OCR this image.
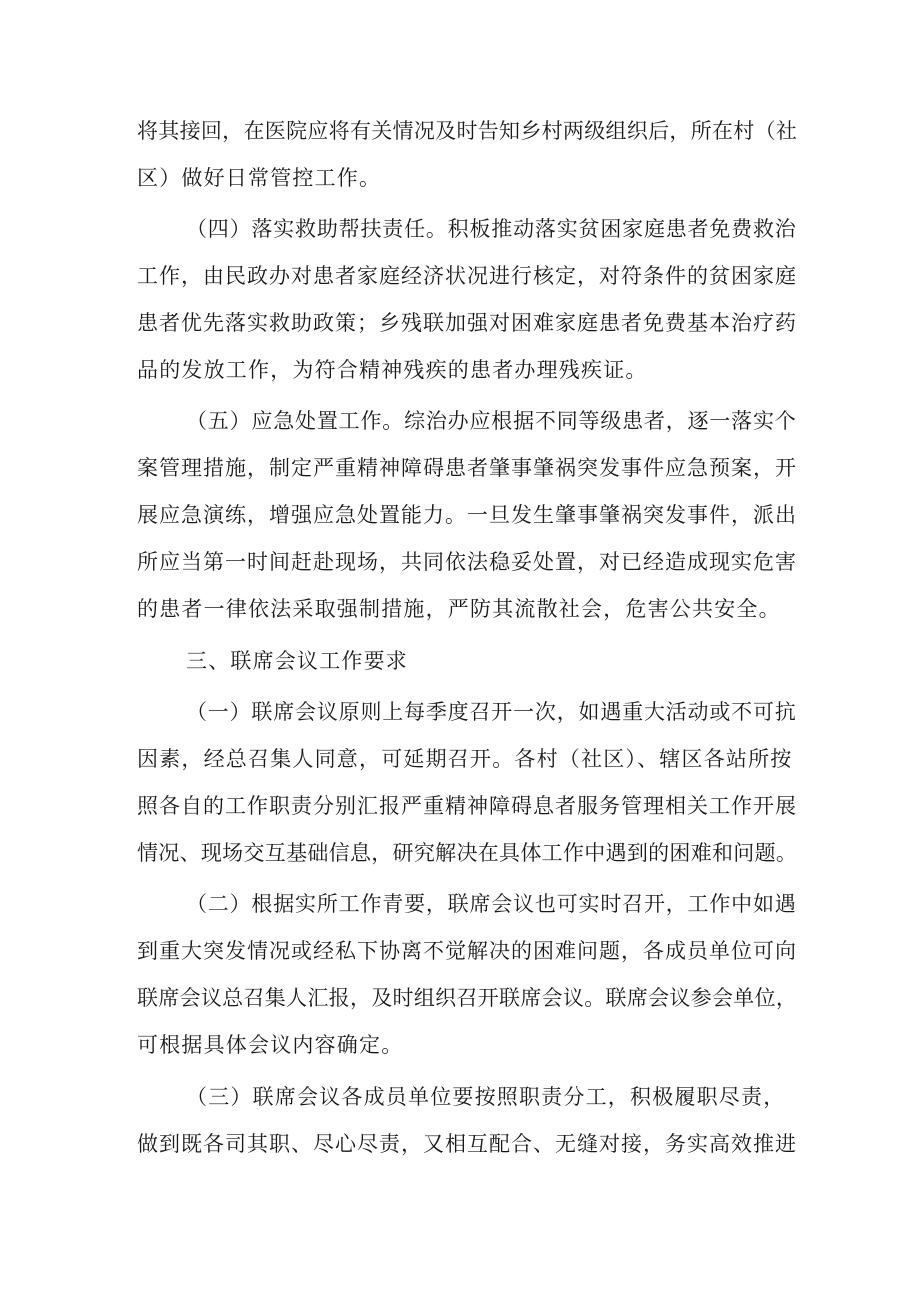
将其接回，在医院应将有关情况及时告知乡村两级组织后，所在村（社
区）做好日常管控工作。
（四）落实救助帮扶责任。积板推动落实贫困家庭患者免费救治
工作，由民政办对患者家庭经济状况进行核定，对符条件的贫困家庭
患者优先落实救助政策；乡残联加强对困难家庭患者免费基本治疗药
品的发放工作，为符合精神残疾的患者办理残疾证。
（五）应急处置工作。综治办应根据不同等级患者，逐一落实个
案管理措施，制定严重精神障碍患者肇事肇祸突发事件应急预案，开
展应急演练，增强应急处置能力。一旦发生肇事肇祸突发事件，派出
所应当第一时间赶赴现场，共同依法稳妥处置，对已经造成现实危害
的患者一律依法采取强制措施，严防其流散社会，危害公共安全。
三、联席会议工作要求
（一）联席会议原则上每季度召开一次，如遇重大活动或不可抗
因素，经总召集人同意，可延期召开。各村（社区）、辖区各站所按
照各自的工作职责分别汇报严重精神障碍息者服务管理相关工作开展
情况、现场交互基础信息，研究解决在具体工作中遇到的困难和问题。
（二）根据实所工作青要，联席会议也可实时召开，工作中如遇
到重大突发情况或经私下协离不觉解决的困难问题，各成员单位可向
联席会议总召集人汇报，及时组织召开联席会议。联席会议参会单位，
可根据具体会议内容确定。
（三）联席会议各成员单位要按照职责分工，积极履职尽责，
做到既各司其职、尽心尽责，又相互配合、无缝对接，务实高效推进
